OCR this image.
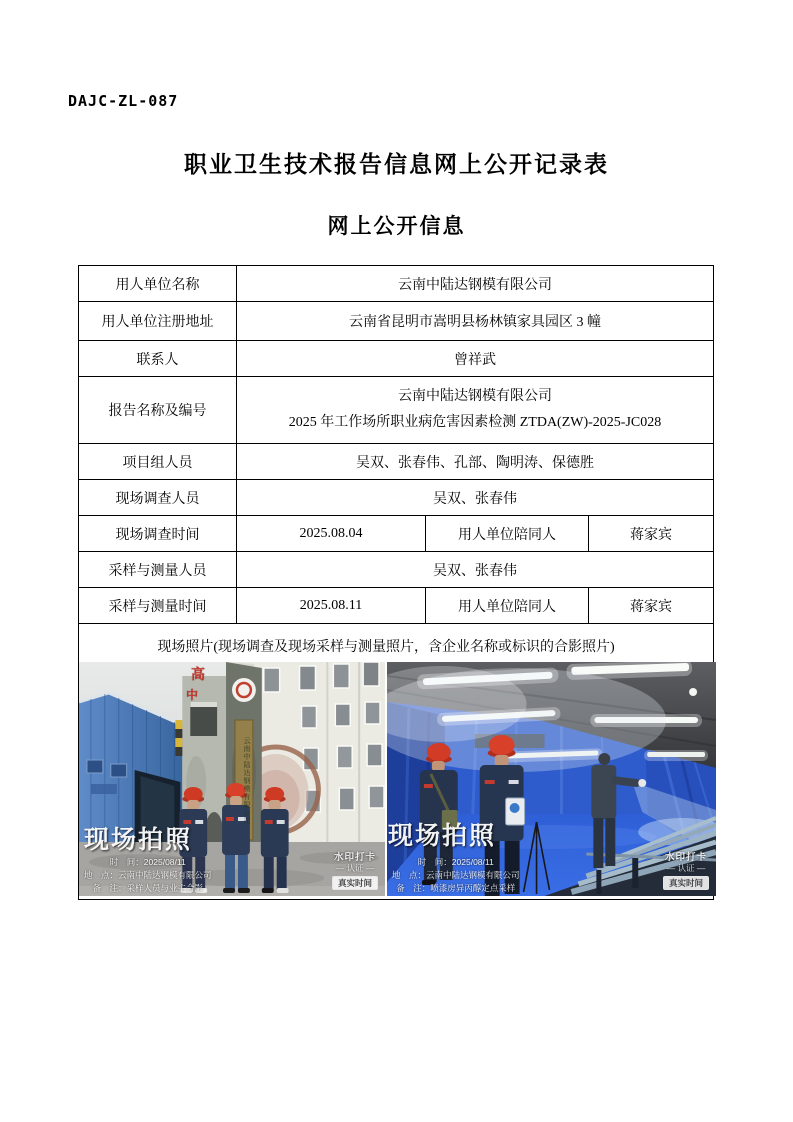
DAJC-ZL-087
职业卫生技术报告信息网上公开记录表
网上公开信息
用人单位名称	云南中陆达钢模有限公司		
用人单位注册地址	云南省昆明市嵩明县杨林镇家具园区 3 幢		
联系人	曾祥武		
报告名称及编号	云南中陆达钢模有限公司
2025 年工作场所职业病危害因素检测 ZTDA(ZW)-2025-JC028		

项目组人员	吴双、张春伟、孔部、陶明涛、保德胜		
现场调查人员	吴双、张春伟		
现场调查时间	2025.08.04	用人单位陪同人	蒋家宾
采样与测量人员	吴双、张春伟		
采样与测量时间	2025.08.11	用人单位陪同人	蒋家宾
现场照片(现场调查及现场采样与测量照片，含企业名称或标识的合影照片)
高
中
云南中陆达钢模有限公司
现场拍照
时　间：2025/08/11
地　点：云南中陆达钢模有限公司
备　注：采样人员与业主合影
水印打卡
— 认证 —
真实时间
现场拍照
时　间：2025/08/11
地　点：云南中陆达钢模有限公司
备　注：喷漆房异丙醇定点采样
水印打卡
— 认证 —
真实时间
